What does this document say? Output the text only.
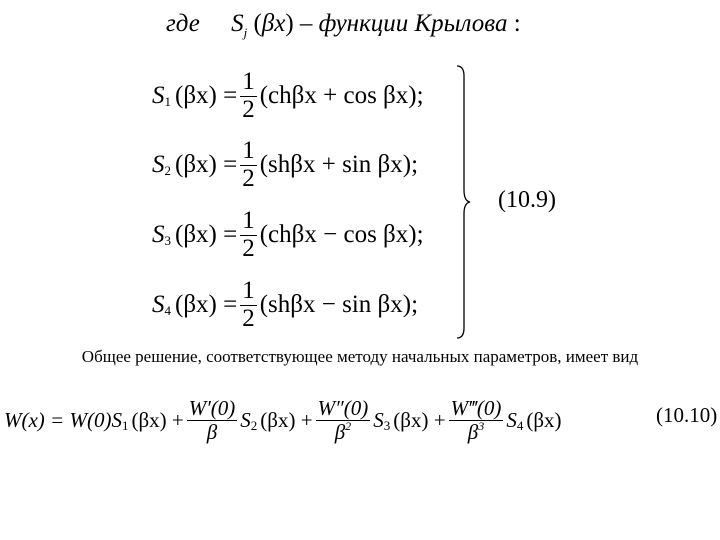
где $S_j$ (βx) – функции Крылова :
S 1 $(\beta x) = \frac{1}{2} (ch\beta x + \cos \beta x)$;
S 2 $(\beta x) = \frac{1}{2} (sh\beta x + \sin \beta x)$;
S 3 $(\beta x) = \frac{1}{2} (ch\beta x - \cos \beta x)$;
S 4 $(\beta x) = \frac{1}{2} (sh\beta x - \sin \beta x)$;
(10.9)
Общее решение, соответствующее методу начальных параметров, имеет вид
W(x) = W(0)S 1 $(\beta x) + \frac{W'(0)}{\beta}$ S 2 $(\beta x) + \frac{W''(0)}{\beta^2}$ S 3 $(\beta x) + \frac{W‴(0)}{\beta^3}$ S 4 (βx)	(10.10)
